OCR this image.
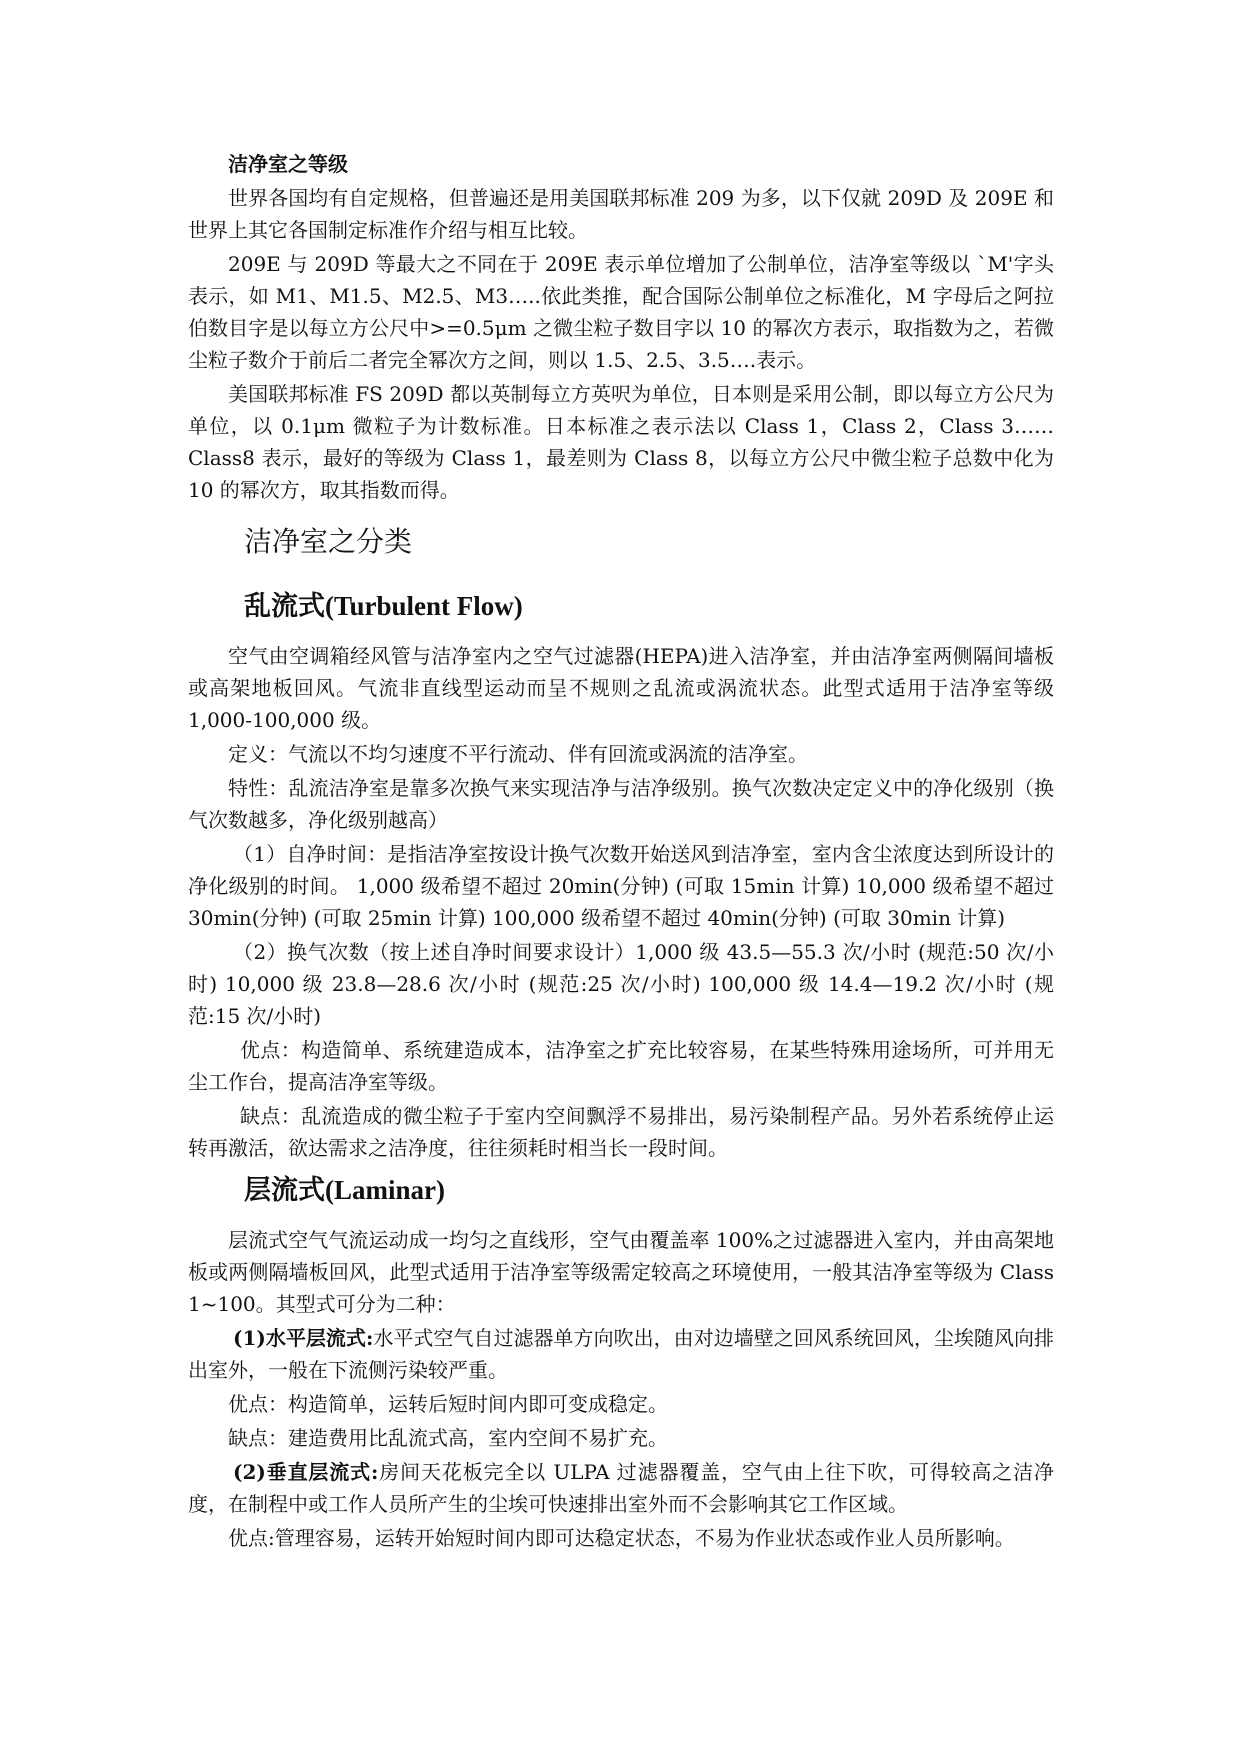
洁净室之等级

世界各国均有自定规格，但普遍还是用美国联邦标准 209 为多，以下仅就 209D 及 209E 和世界上其它各国制定标准作介绍与相互比较。

209E 与 209D 等最大之不同在于 209E 表示单位增加了公制单位，洁净室等级以 `M'字头表示，如 M1、M1.5、M2.5、M3…..依此类推，配合国际公制单位之标准化，M 字母后之阿拉伯数目字是以每立方公尺中>=0.5μm 之微尘粒子数目字以 10 的幂次方表示，取指数为之，若微尘粒子数介于前后二者完全幂次方之间，则以 1.5、2.5、3.5….表示。

美国联邦标准 FS 209D 都以英制每立方英呎为单位，日本则是采用公制，即以每立方公尺为单位，以 0.1μm 微粒子为计数标准。日本标准之表示法以 Class 1，Class 2，Class 3……Class8 表示，最好的等级为 Class 1，最差则为 Class 8，以每立方公尺中微尘粒子总数中化为 10 的幂次方，取其指数而得。

洁净室之分类
乱流式(Turbulent Flow)

空气由空调箱经风管与洁净室内之空气过滤器(HEPA)进入洁净室，并由洁净室两侧隔间墙板或高架地板回风。气流非直线型运动而呈不规则之乱流或涡流状态。此型式适用于洁净室等级 1,000-100,000 级。

定义：气流以不均匀速度不平行流动、伴有回流或涡流的洁净室。

特性：乱流洁净室是靠多次换气来实现洁净与洁净级别。换气次数决定定义中的净化级别（换气次数越多，净化级别越高）

（1）自净时间：是指洁净室按设计换气次数开始送风到洁净室，室内含尘浓度达到所设计的净化级别的时间。 1,000 级希望不超过 20min(分钟) (可取 15min 计算) 10,000 级希望不超过 30min(分钟) (可取 25min 计算) 100,000 级希望不超过 40min(分钟) (可取 30min 计算)

（2）换气次数（按上述自净时间要求设计）1,000 级 43.5—55.3 次/小时 (规范:50 次/小时) 10,000 级 23.8—28.6 次/小时 (规范:25 次/小时) 100,000 级 14.4—19.2 次/小时 (规范:15 次/小时)

优点：构造简单、系统建造成本，洁净室之扩充比较容易，在某些特殊用途场所，可并用无尘工作台，提高洁净室等级。

缺点：乱流造成的微尘粒子于室内空间飘浮不易排出，易污染制程产品。另外若系统停止运转再激活，欲达需求之洁净度，往往须耗时相当长一段时间。

层流式(Laminar)

层流式空气气流运动成一均匀之直线形，空气由覆盖率 100%之过滤器进入室内，并由高架地板或两侧隔墙板回风，此型式适用于洁净室等级需定较高之环境使用，一般其洁净室等级为 Class 1~100。其型式可分为二种：

(1)水平层流式:水平式空气自过滤器单方向吹出，由对边墙壁之回风系统回风，尘埃随风向排出室外，一般在下流侧污染较严重。

优点：构造简单，运转后短时间内即可变成稳定。

缺点：建造费用比乱流式高，室内空间不易扩充。

(2)垂直层流式:房间天花板完全以 ULPA 过滤器覆盖，空气由上往下吹，可得较高之洁净度，在制程中或工作人员所产生的尘埃可快速排出室外而不会影响其它工作区域。

优点:管理容易，运转开始短时间内即可达稳定状态，不易为作业状态或作业人员所影响。
